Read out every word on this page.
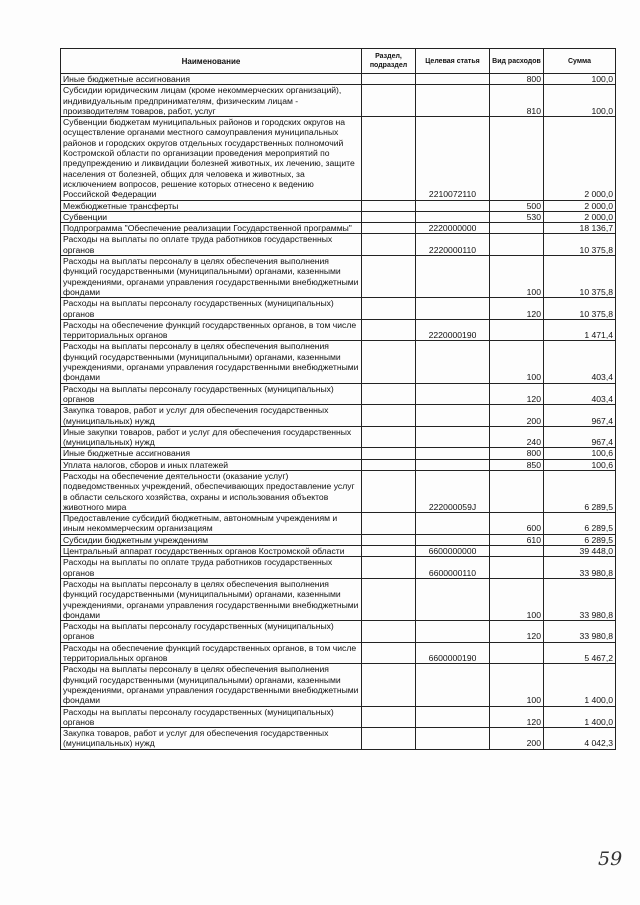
Наименование	Раздел, подраздел	Целевая статья	Вид расходов	Сумма
Иные бюджетные ассигнования			800	100,0
Субсидии юридическим лицам (кроме некоммерческих организаций), индивидуальным предпринимателям, физическим лицам - производителям товаров, работ, услуг			810	100,0
Субвенции бюджетам муниципальных районов и городских округов на осуществление органами местного самоуправления муниципальных районов и городских округов отдельных государственных полномочий Костромской области по организации проведения мероприятий по предупреждению и ликвидации болезней животных, их лечению, защите населения от болезней, общих для человека и животных, за исключением вопросов, решение которых отнесено к ведению Российской Федерации		2210072110		2 000,0
Межбюджетные трансферты			500	2 000,0
Субвенции			530	2 000,0
Подпрограмма "Обеспечение реализации Государственной программы"		2220000000		18 136,7
Расходы на выплаты по оплате труда работников государственных органов		2220000110		10 375,8
Расходы на выплаты персоналу в целях обеспечения выполнения функций государственными (муниципальными) органами, казенными учреждениями, органами управления государственными внебюджетными фондами			100	10 375,8
Расходы на выплаты персоналу государственных (муниципальных) органов			120	10 375,8
Расходы на обеспечение функций государственных органов, в том числе территориальных органов		2220000190		1 471,4
Расходы на выплаты персоналу в целях обеспечения выполнения функций государственными (муниципальными) органами, казенными учреждениями, органами управления государственными внебюджетными фондами			100	403,4
Расходы на выплаты персоналу государственных (муниципальных) органов			120	403,4
Закупка товаров, работ и услуг для обеспечения государственных (муниципальных) нужд			200	967,4
Иные закупки товаров, работ и услуг для обеспечения государственных (муниципальных) нужд			240	967,4
Иные бюджетные ассигнования			800	100,6
Уплата налогов, сборов и иных платежей			850	100,6
Расходы на обеспечение деятельности (оказание услуг) подведомственных учреждений, обеспечивающих предоставление услуг в области сельского хозяйства, охраны и использования объектов животного мира		222000059J		6 289,5
Предоставление субсидий бюджетным, автономным учреждениям и иным некоммерческим организациям			600	6 289,5
Субсидии бюджетным учреждениям			610	6 289,5
Центральный аппарат государственных органов Костромской области		6600000000		39 448,0
Расходы на выплаты по оплате труда работников государственных органов		6600000110		33 980,8
Расходы на выплаты персоналу в целях обеспечения выполнения функций государственными (муниципальными) органами, казенными учреждениями, органами управления государственными внебюджетными фондами			100	33 980,8
Расходы на выплаты персоналу государственных (муниципальных) органов			120	33 980,8
Расходы на обеспечение функций государственных органов, в том числе территориальных органов		6600000190		5 467,2
Расходы на выплаты персоналу в целях обеспечения выполнения функций государственными (муниципальными) органами, казенными учреждениями, органами управления государственными внебюджетными фондами			100	1 400,0
Расходы на выплаты персоналу государственных (муниципальных) органов			120	1 400,0
Закупка товаров, работ и услуг для обеспечения государственных (муниципальных) нужд			200	4 042,3
59
